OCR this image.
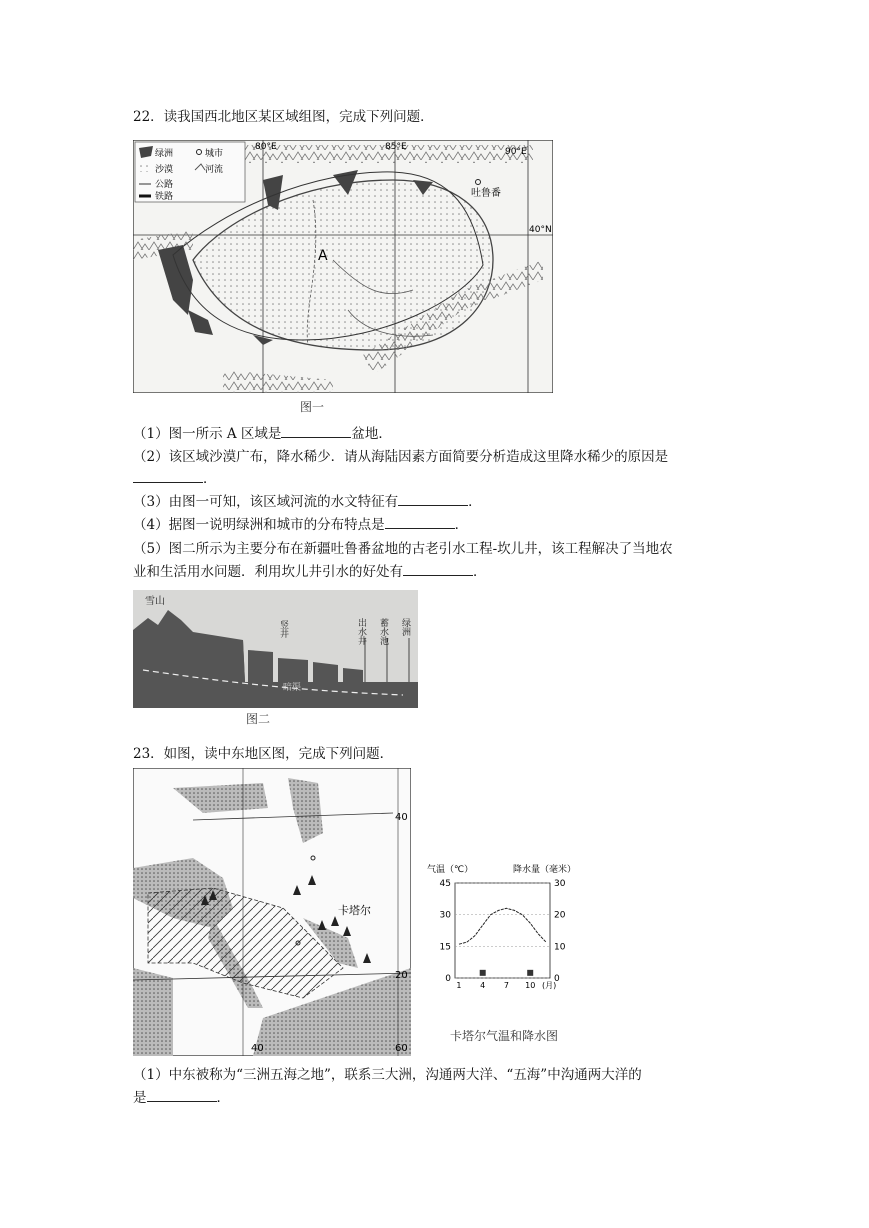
22．读我国西北地区某区域组图，完成下列问题．
绿洲	城市
沙漠	河流
公路
铁路
80°E	85°E	90°E
40°N
A
吐鲁番
图一
（1）图一所示 A 区域是	盆地．
（2）该区域沙漠广布，降水稀少．请从海陆因素方面简要分析造成这里降水稀少的原因是
．
（3）由图一可知，该区域河流的水文特征有	．
（4）据图一说明绿洲和城市的分布特点是	．
（5）图二所示为主要分布在新疆吐鲁番盆地的古老引水工程-坎儿井，该工程解决了当地农
业和生活用水问题．利用坎儿井引水的好处有	．
雪山
竖井	出水井 蓄水池 绿洲
暗渠
图二
23．如图，读中东地区图，完成下列问题．
40
20
40	60
卡塔尔
气温（℃）	降水量（毫米）
0
15
30
45
0
10
20
30
1 4 7 10 (月)
卡塔尔气温和降水图
（1）中东被称为“三洲五海之地”，联系三大洲，沟通两大洋、“五海”中沟通两大洋的
是	．
